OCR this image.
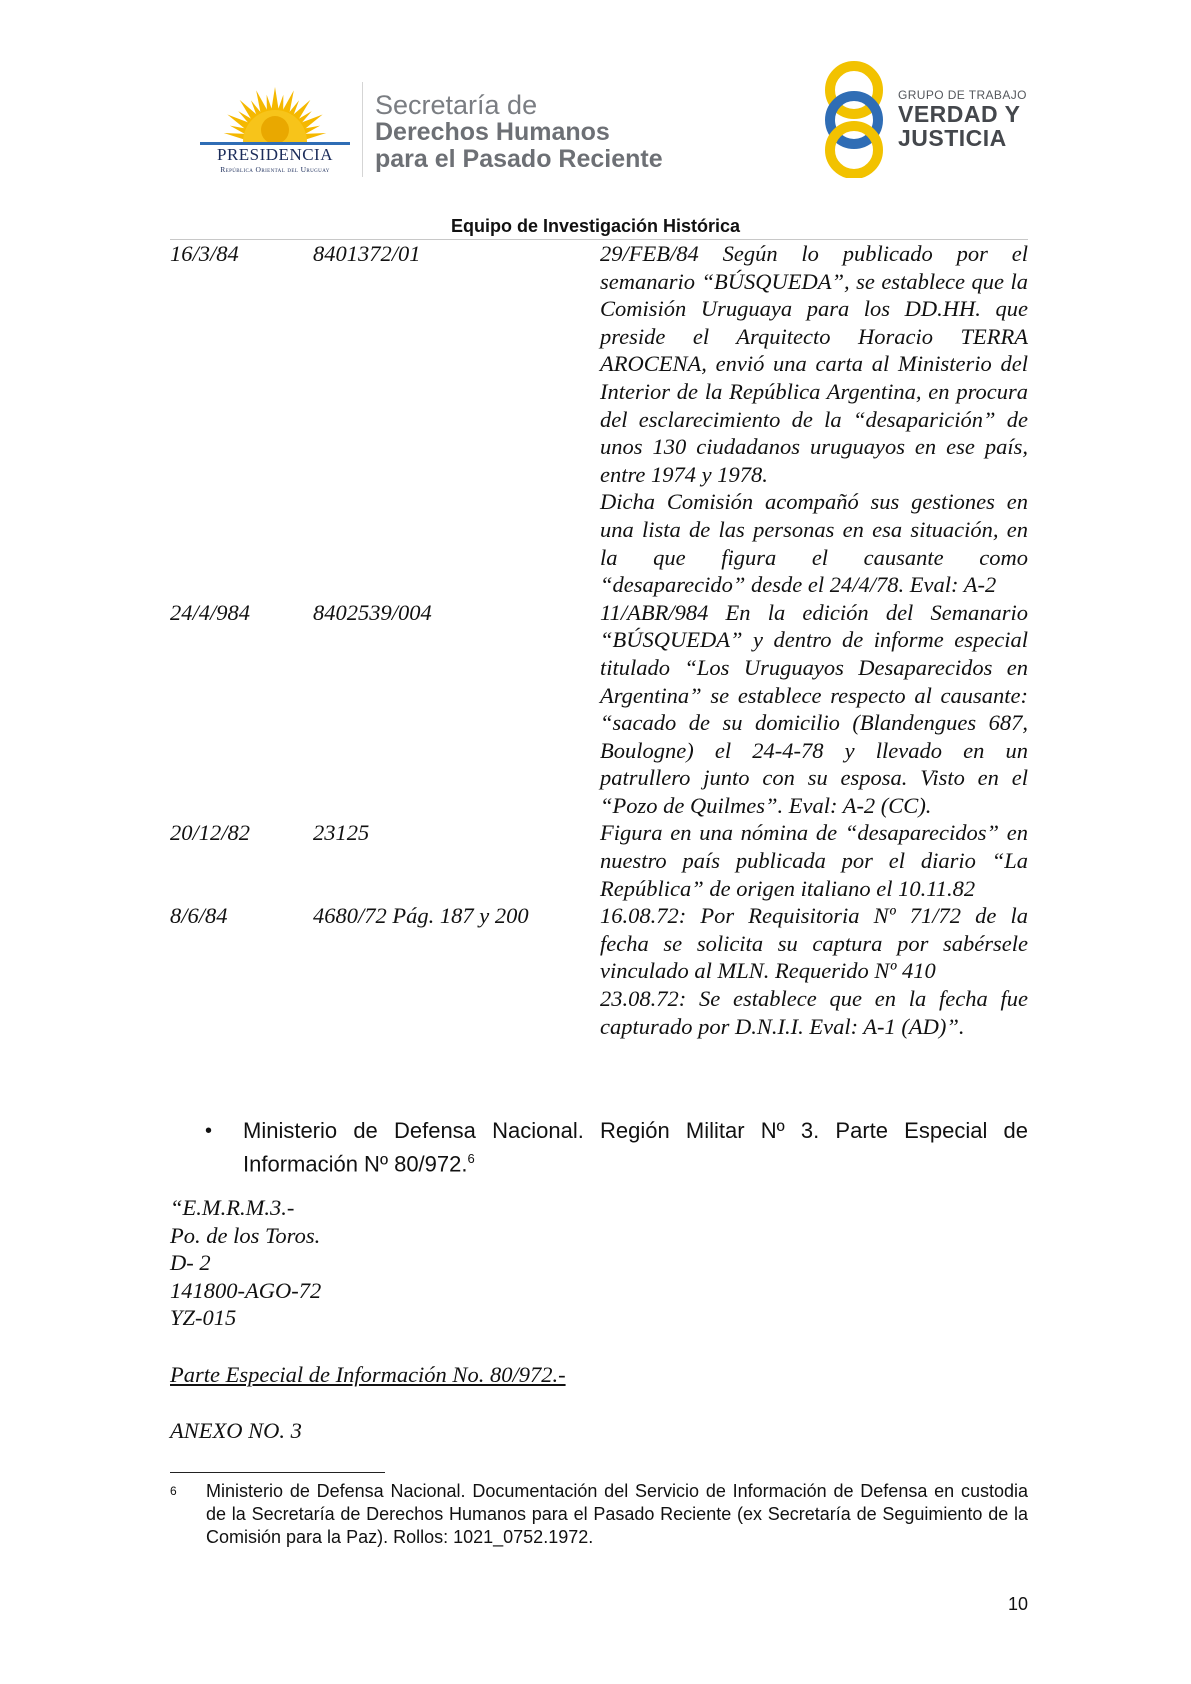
PRESIDENCIA
República Oriental del Uruguay
Secretaría de
Derechos Humanos
para el Pasado Reciente
GRUPO DE TRABAJO
VERDAD Y
JUSTICIA
Equipo de Investigación Histórica
16/3/84	8401372/01	29/FEB/84 Según lo publicado por el semanario “BÚSQUEDA”, se establece que la Comisión Uruguaya para los DD.HH. que preside el Arquitecto Horacio TERRA AROCENA, envió una carta al Ministerio del Interior de la República Argentina, en procura del esclarecimiento de la “desaparición” de unos 130 ciudadanos uruguayos en ese país, entre 1974 y 1978.

Dicha Comisión acompañó sus gestiones en una lista de las personas en esa situación, en la que figura el causante como “desaparecido” desde el 24/4/78. Eval: A-2

24/4/984	8402539/004	11/ABR/984 En la edición del Semanario “BÚSQUEDA” y dentro de informe especial titulado “Los Uruguayos Desaparecidos en Argentina” se establece respecto al causante: “sacado de su domicilio (Blandengues 687, Boulogne) el 24-4-78 y llevado en un patrullero junto con su esposa. Visto en el “Pozo de Quilmes”. Eval: A-2 (CC).

20/12/82	23125	Figura en una nómina de “desaparecidos” en nuestro país publicada por el diario “La República” de origen italiano el 10.11.82

8/6/84	4680/72 Pág. 187 y 200	16.08.72: Por Requisitoria Nº 71/72 de la fecha se solicita su captura por sabérsele vinculado al MLN. Requerido Nº 410

23.08.72: Se establece que en la fecha fue capturado por D.N.I.I. Eval: A-1 (AD)”.

• Ministerio de Defensa Nacional. Región Militar Nº 3. Parte Especial de Información Nº 80/972.$^6$
“E.M.R.M.3.-
Po. de los Toros.
D- 2
141800-AGO-72
YZ-015
Parte Especial de Información No. 80/972.-
ANEXO NO. 3
6 Ministerio de Defensa Nacional. Documentación del Servicio de Información de Defensa en custodia de la Secretaría de Derechos Humanos para el Pasado Reciente (ex Secretaría de Seguimiento de la Comisión para la Paz). Rollos: 1021_0752.1972.
10
